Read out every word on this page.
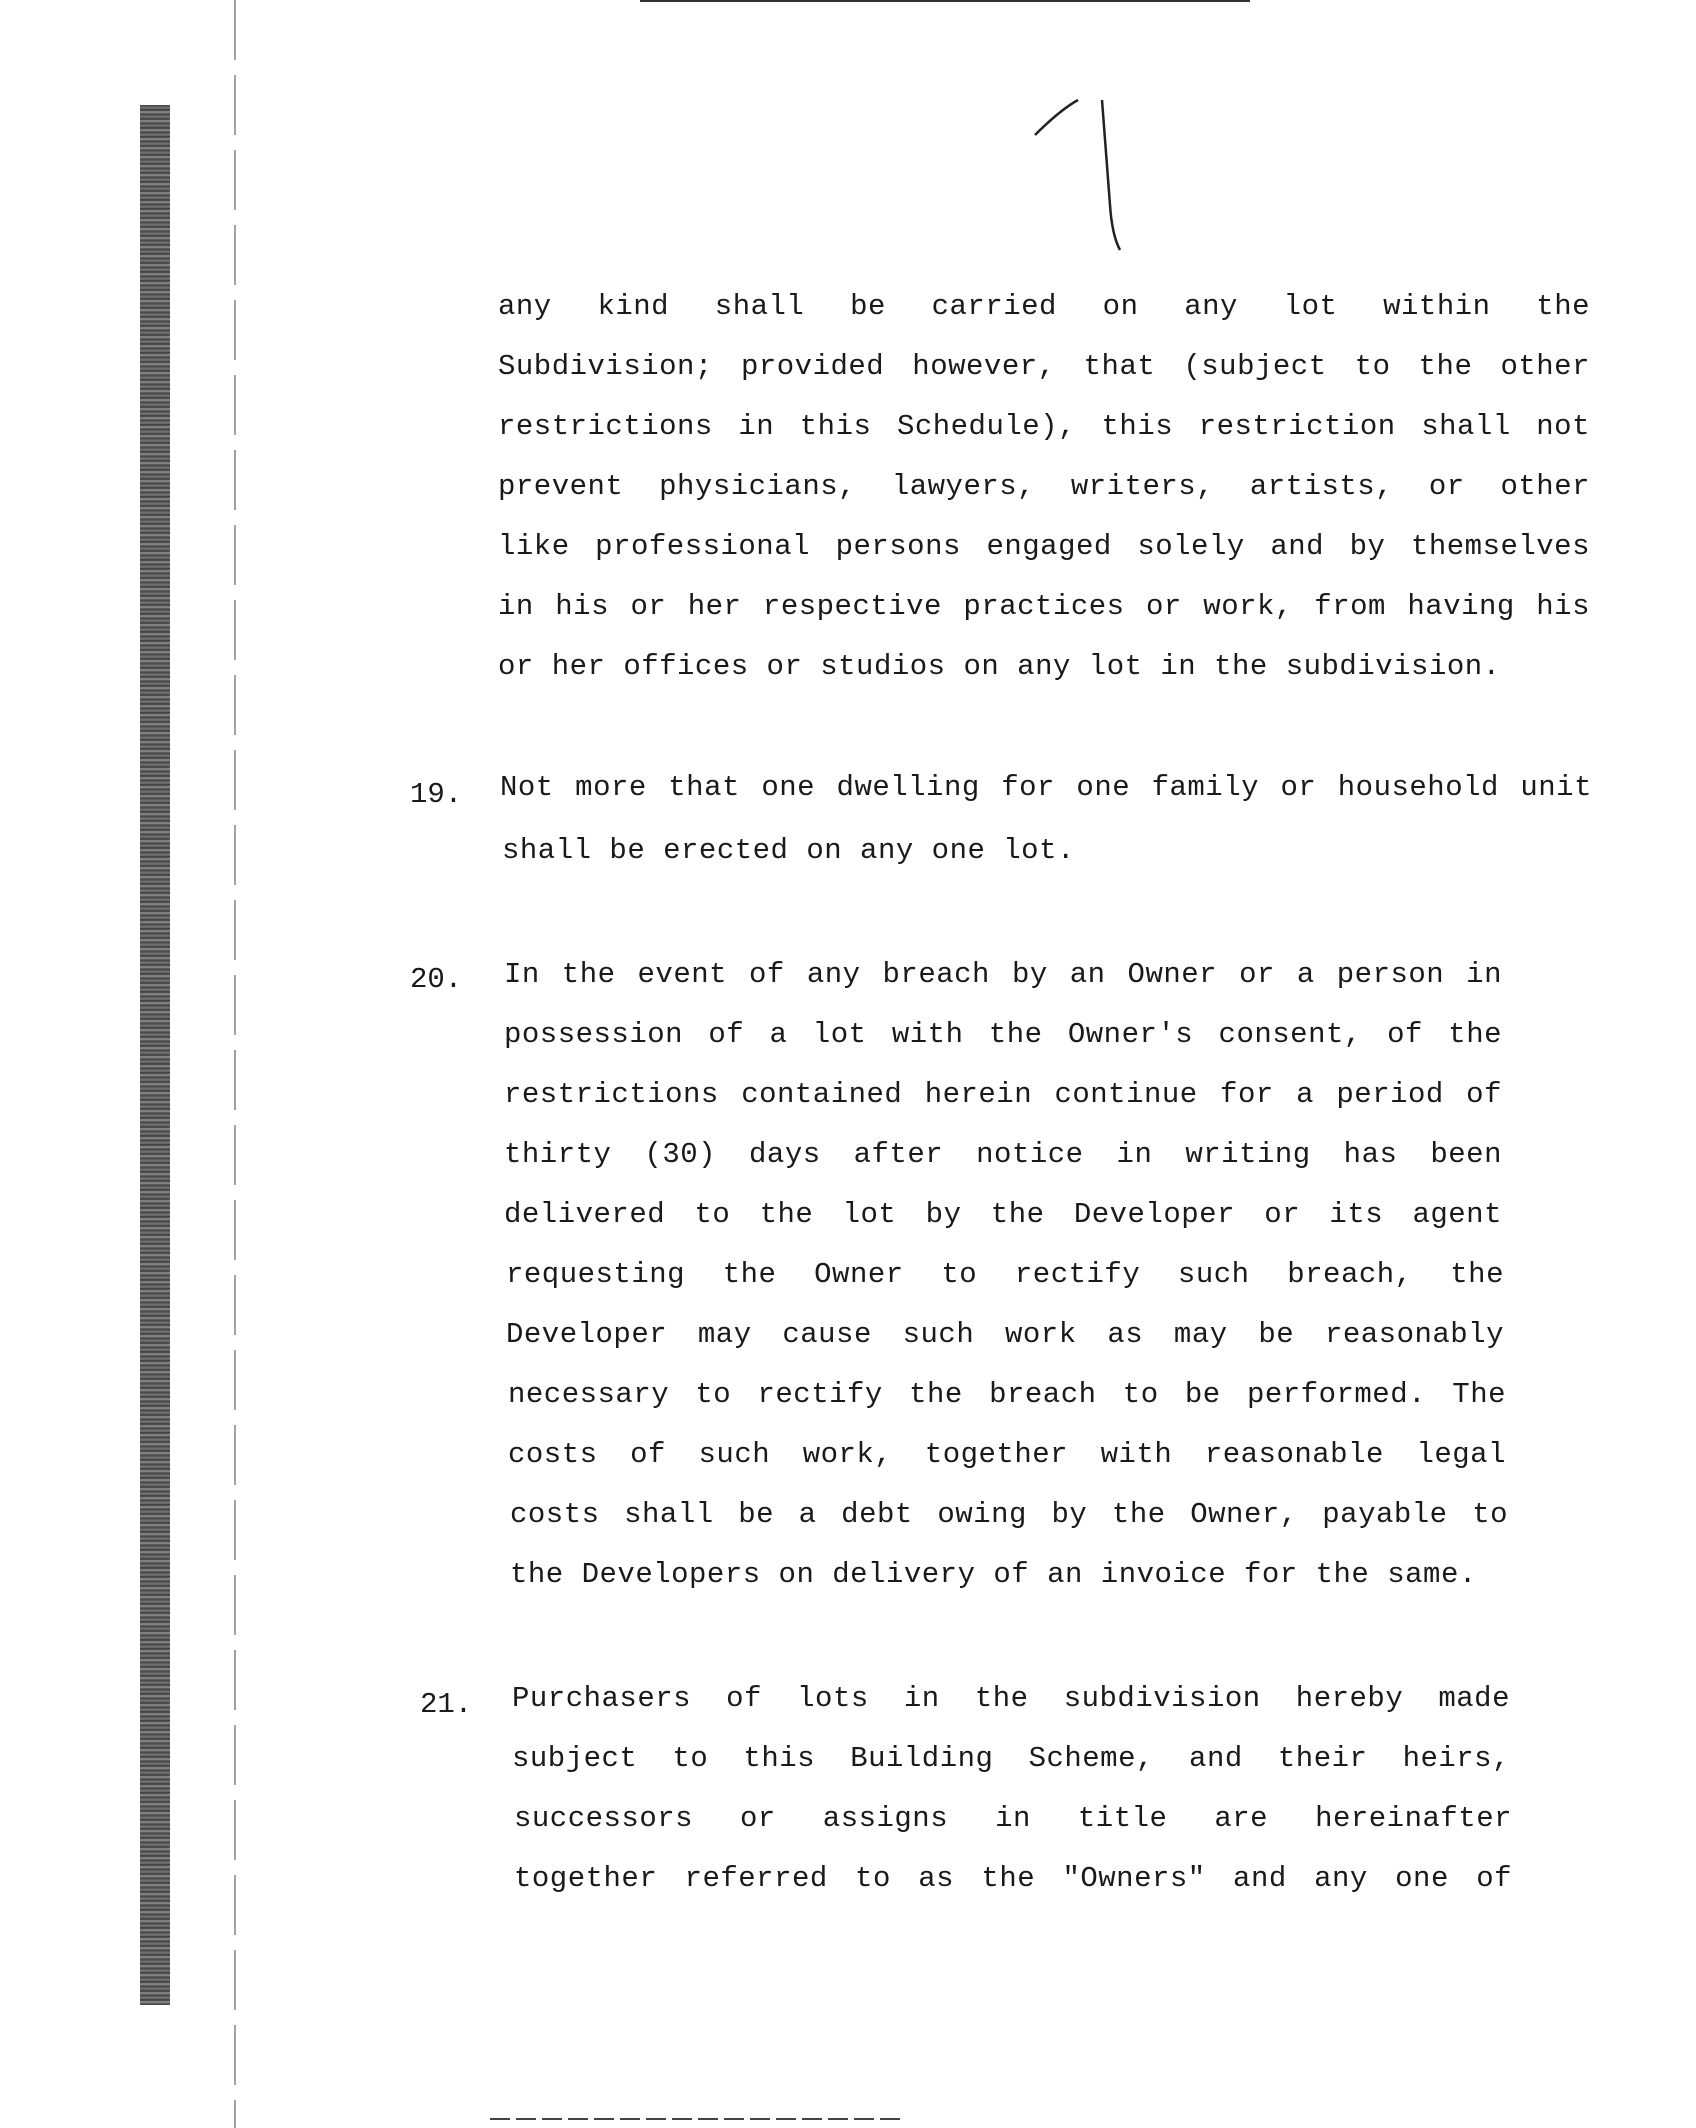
any kind shall be carried on any lot within the
Subdivision; provided however, that (subject to the other
restrictions in this Schedule), this restriction shall not
prevent physicians, lawyers, writers, artists, or other
like professional persons engaged solely and by themselves
in his or her respective practices or work, from having his
or her offices or studios on any lot in the subdivision.
19. Not more that one dwelling for one family or household unit
shall be erected on any one lot.
20. In the event of any breach by an Owner or a person in
possession of a lot with the Owner's consent, of the
restrictions contained herein continue for a period of
thirty (30) days after notice in writing has been
delivered to the lot by the Developer or its agent
requesting the Owner to rectify such breach, the
Developer may cause such work as may be reasonably
necessary to rectify the breach to be performed. The
costs of such work, together with reasonable legal
costs shall be a debt owing by the Owner, payable to
the Developers on delivery of an invoice for the same.
21. Purchasers of lots in the subdivision hereby made
subject to this Building Scheme, and their heirs,
successors or assigns in title are hereinafter
together referred to as the "Owners" and any one of
